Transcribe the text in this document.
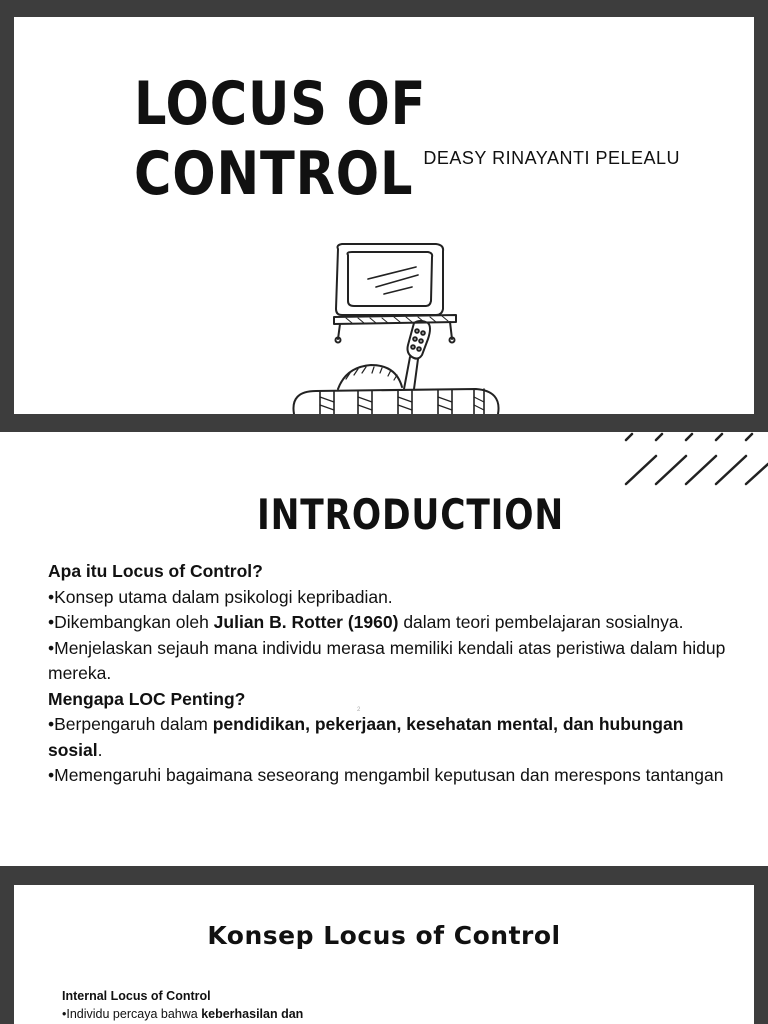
LOCUS OF CONTROL DEASY RINAYANTI PELEALU
INTRODUCTION

Apa itu Locus of Control?

•Konsep utama dalam psikologi kepribadian.

•Dikembangkan oleh Julian B. Rotter (1960) dalam teori pembelajaran sosialnya.

•Menjelaskan sejauh mana individu merasa memiliki kendali atas peristiwa dalam hidup mereka.

Mengapa LOC Penting?

•Berpengaruh dalam pendidikan, pekerjaan, kesehatan mental, dan hubungan sosial.

•Memengaruhi bagaimana seseorang mengambil keputusan dan merespons tantangan

2
Konsep Locus of Control

Internal Locus of Control

•Individu percaya bahwa keberhasilan dan
